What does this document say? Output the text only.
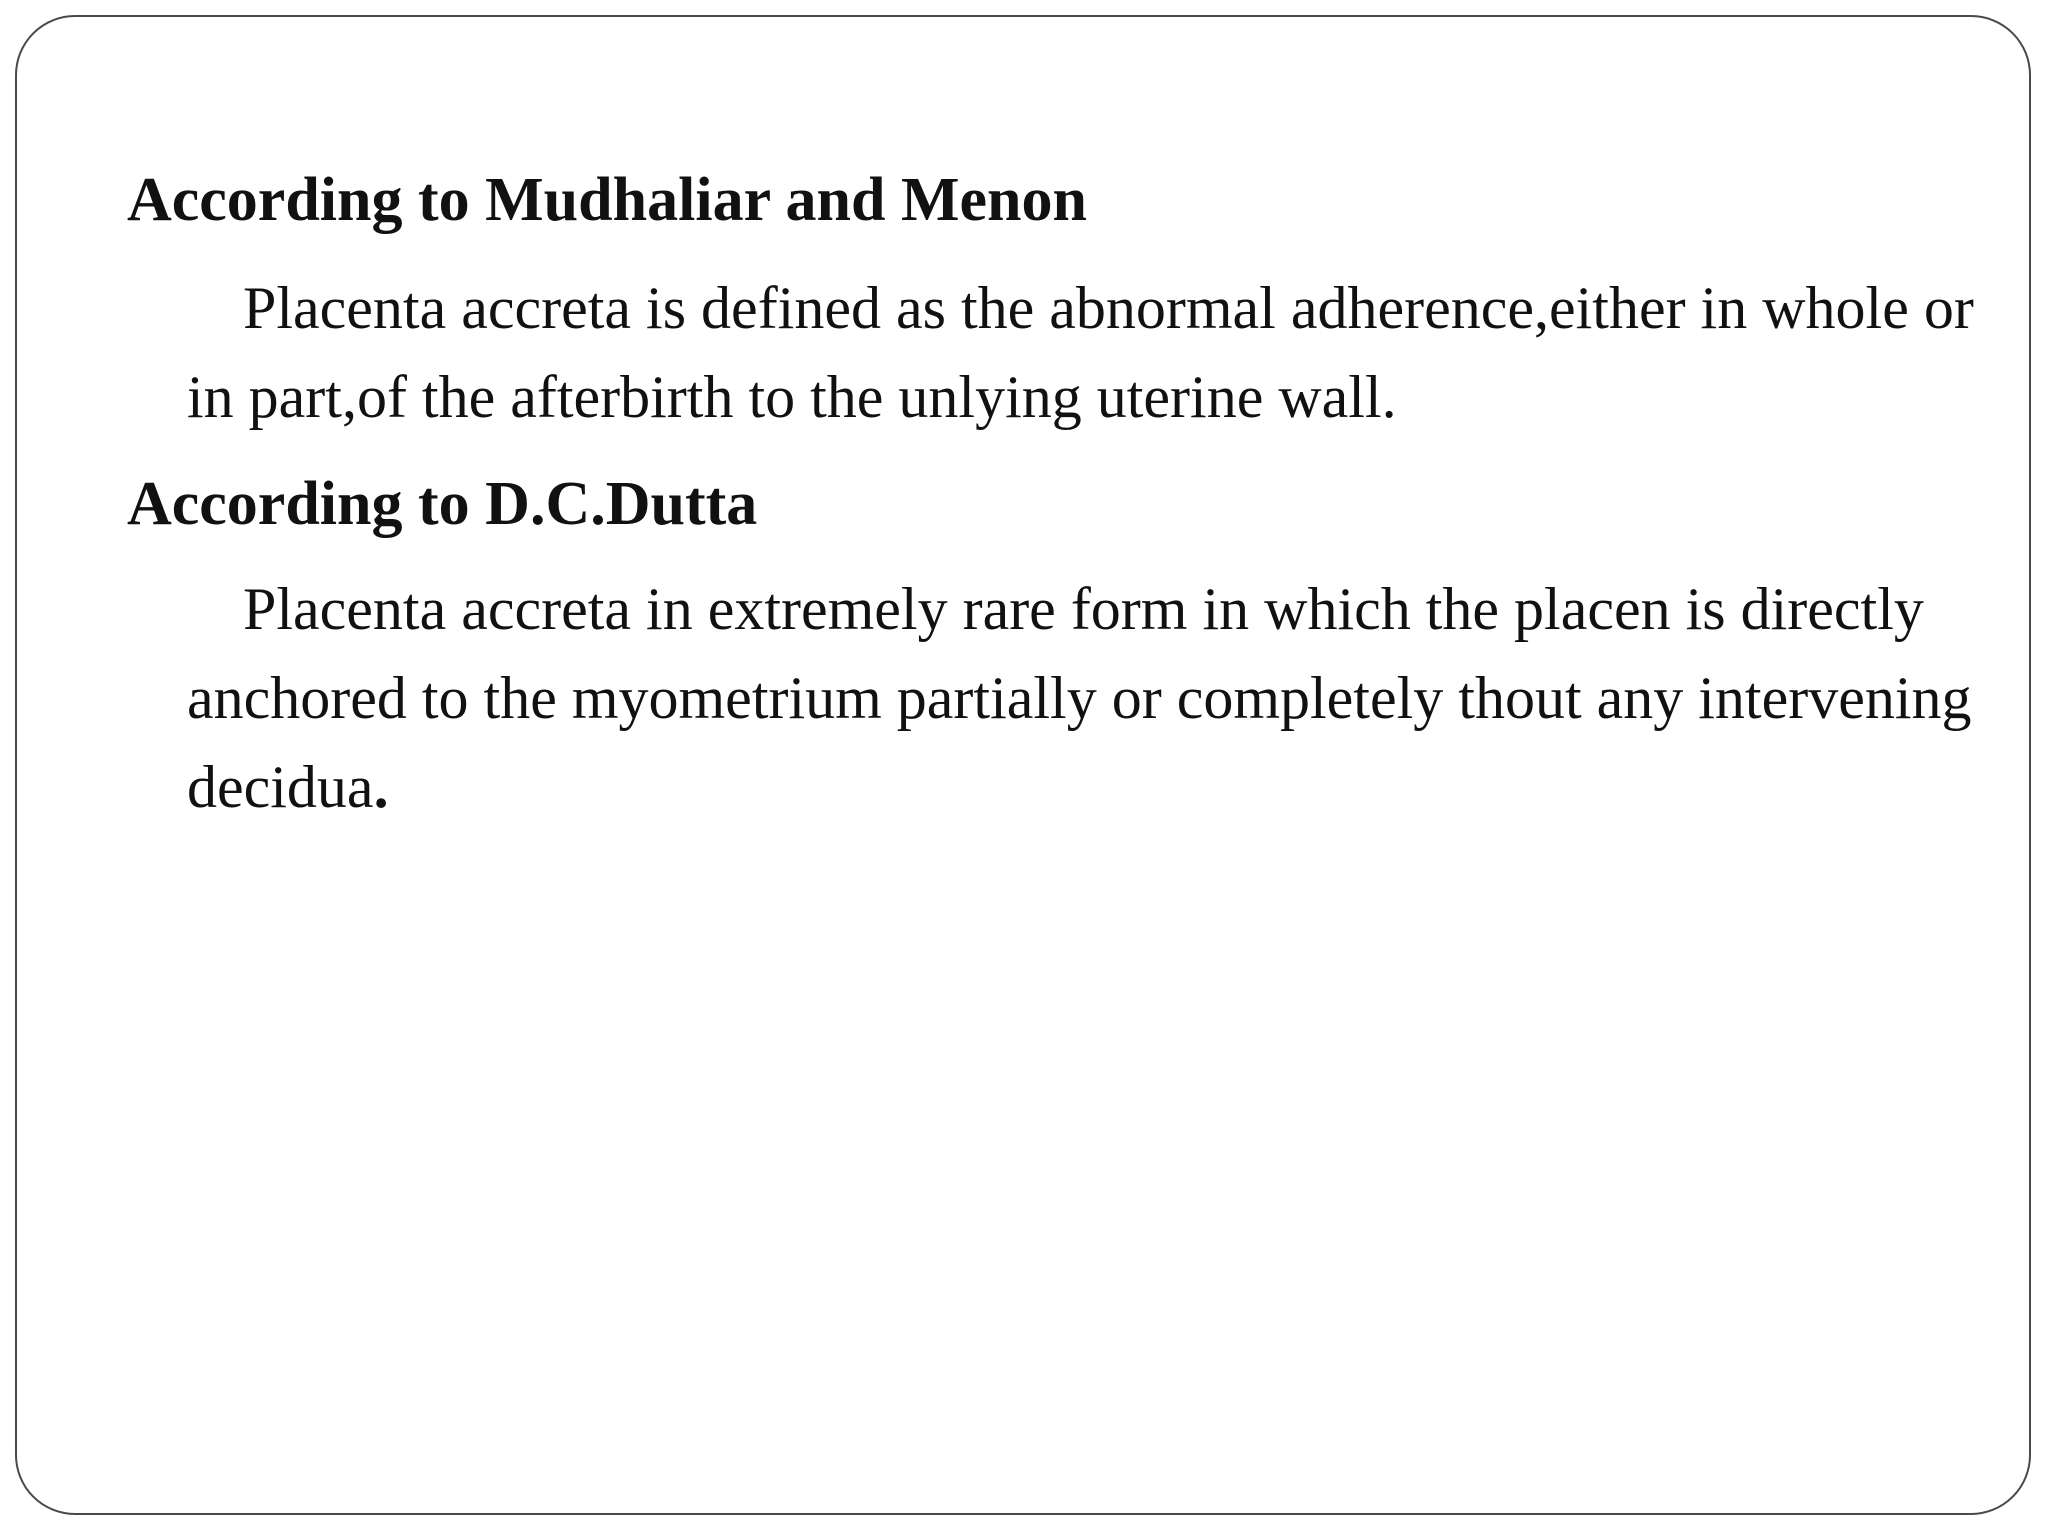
According to Mudhaliar and Menon

Placenta accreta is defined as the abnormal adherence,either in whole or in part,of the afterbirth to the unlying uterine wall.

According to D.C.Dutta

Placenta accreta in extremely rare form in which the placen is directly anchored to the myometrium partially or completely thout any intervening decidua.
